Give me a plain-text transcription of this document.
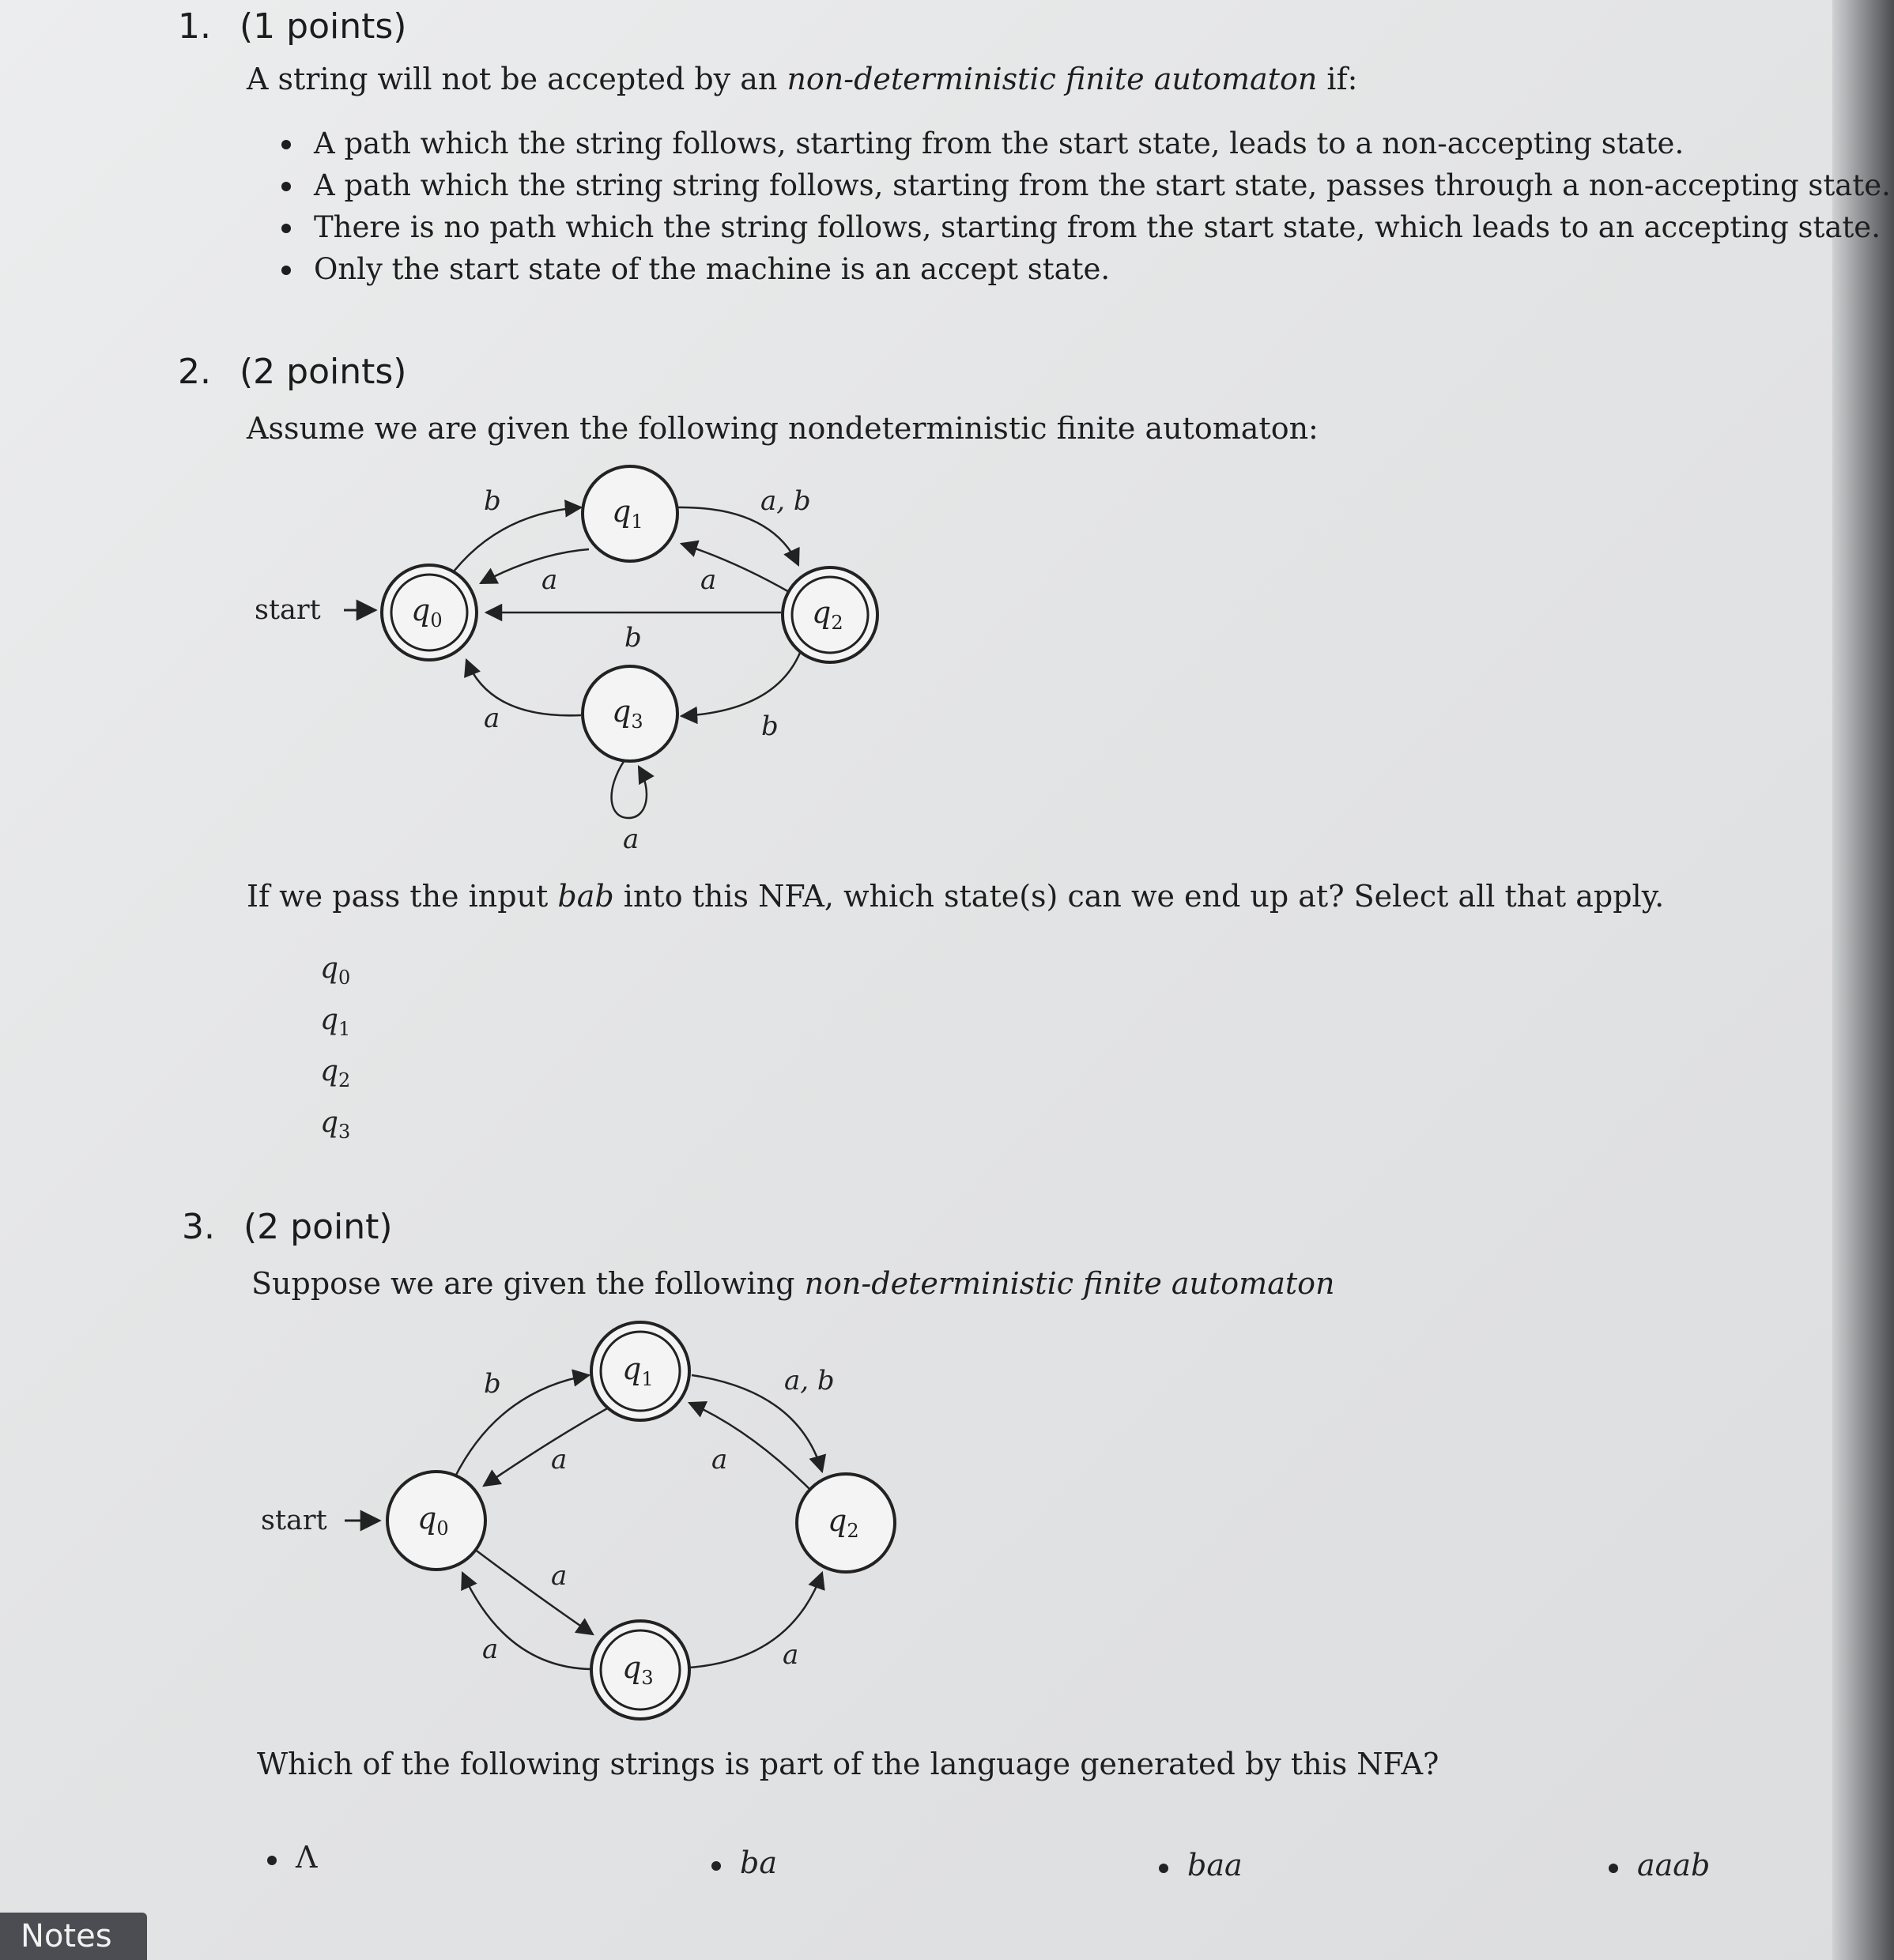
1. (1 points)
A string will not be accepted by an non-deterministic finite automaton if:
A path which the string follows, starting from the start state, leads to a non-accepting state.
A path which the string string follows, starting from the start state, passes through a non-accepting state.
There is no path which the string follows, starting from the start state, which leads to an accepting state.
Only the start state of the machine is an accept state.
2. (2 points)
Assume we are given the following nondeterministic finite automaton:
start
b
a
a, b
a
b
b
a
a
$q_0$
$q_1$
$q_2$
$q_3$
If we pass the input bab into this NFA, which state(s) can we end up at? Select all that apply.
$q_0$
$q_1$
$q_2$
$q_3$
3. (2 point)
Suppose we are given the following non-deterministic finite automaton
start
b
a
a, b
a
a
a	a
$q_0$
$q_1$
$q_2$
$q_3$
Which of the following strings is part of the language generated by this NFA?
Λ	ba	baa	aaab
Notes
